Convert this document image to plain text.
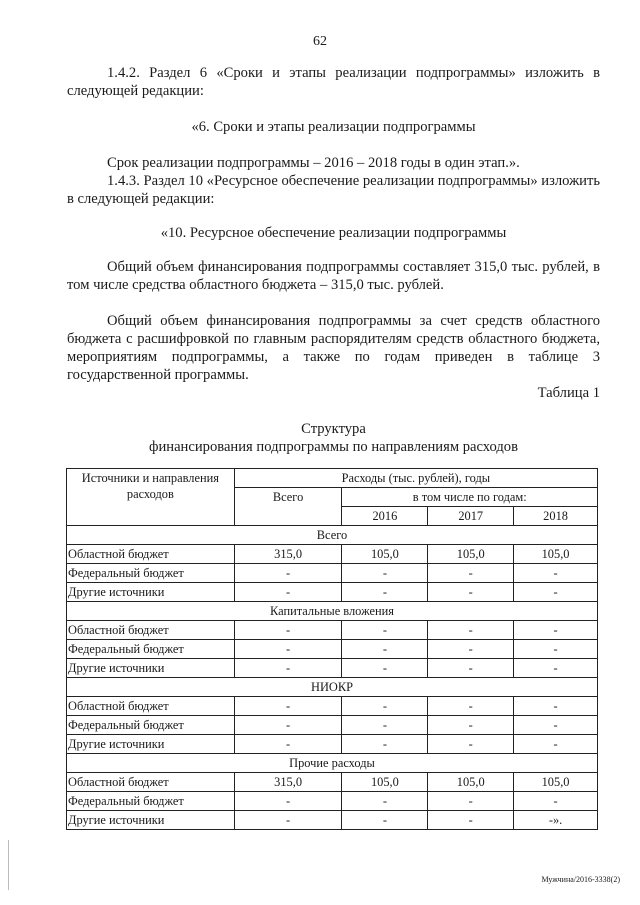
62

1.4.2. Раздел 6 «Сроки и этапы реализации подпрограммы» изложить в следующей редакции:

«6. Сроки и этапы реализации подпрограммы

Срок реализации подпрограммы – 2016 – 2018 годы в один этап.».

1.4.3. Раздел 10 «Ресурсное обеспечение реализации подпрограммы» изложить в следующей редакции:

«10. Ресурсное обеспечение реализации подпрограммы

Общий объем финансирования подпрограммы составляет 315,0 тыс. рублей, в том числе средства областного бюджета – 315,0 тыс. рублей.

Общий объем финансирования подпрограммы за счет средств областного бюджета с расшифровкой по главным распорядителям средств областного бюджета, мероприятиям подпрограммы, а также по годам приведен в таблице 3 государственной программы.

Таблица 1

Структура
финансирования подпрограммы по направлениям расходов
Источники и направления расходов	Расходы (тыс. рублей), годы			
	Всего	в том числе по годам:		
		2016	2017	2018
Всего				
Областной бюджет	315,0	105,0	105,0	105,0
Федеральный бюджет	-	-	-	-
Другие источники	-	-	-	-
Капитальные вложения				
Областной бюджет	-	-	-	-
Федеральный бюджет	-	-	-	-
Другие источники	-	-	-	-
НИОКР				
Областной бюджет	-	-	-	-
Федеральный бюджет	-	-	-	-
Другие источники	-	-	-	-
Прочие расходы				
Областной бюджет	315,0	105,0	105,0	105,0
Федеральный бюджет	-	-	-	-
Другие источники	-	-	-	-».
Мужчина/2016-3338(2)
